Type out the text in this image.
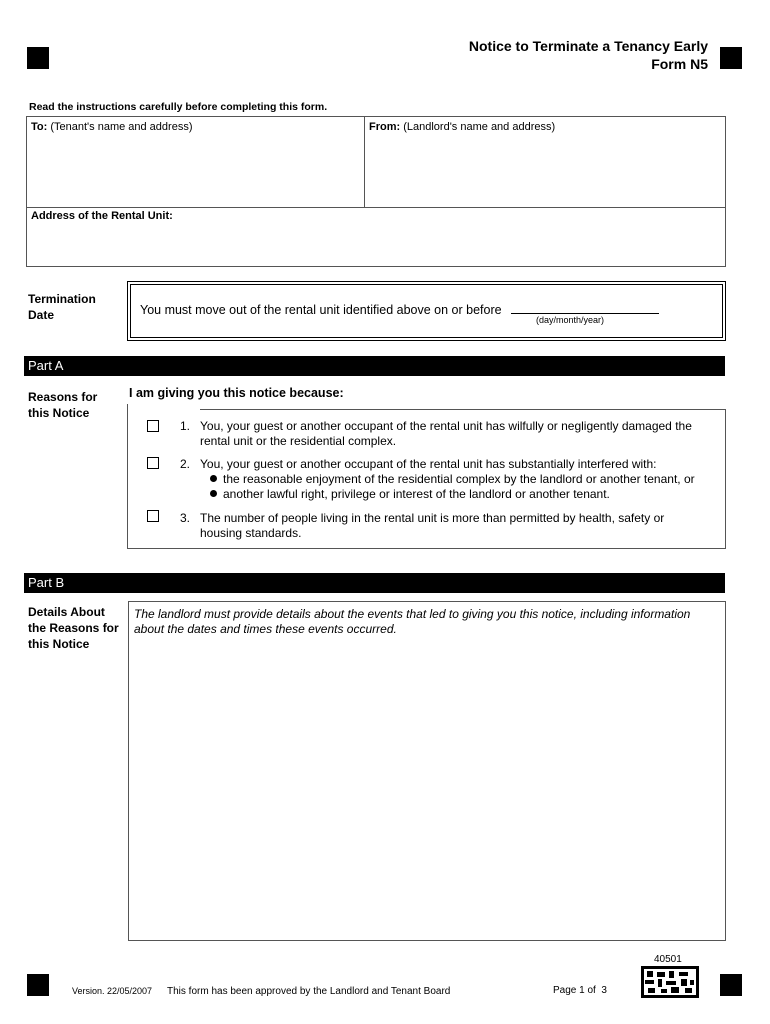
Notice to Terminate a Tenancy Early
Form N5
Read the instructions carefully before completing this form.
To: (Tenant's name and address)	From: (Landlord's name and address)
Address of the Rental Unit:
Termination
Date	You must move out of the rental unit identified above on or before
(day/month/year)
Part A
Reasons for
this Notice
I am giving you this notice because:
1. You, your guest or another occupant of the rental unit has wilfully or negligently damaged the
rental unit or the residential complex.
2. You, your guest or another occupant of the rental unit has substantially interfered with:
the reasonable enjoyment of the residential complex by the landlord or another tenant, or
another lawful right, privilege or interest of the landlord or another tenant.
3. The number of people living in the rental unit is more than permitted by health, safety or
housing standards.
Part B
Details About
the Reasons for
this Notice
The landlord must provide details about the events that led to giving you this notice, including information
about the dates and times these events occurred.
40501
Version. 22/05/2007 This form has been approved by the Landlord and Tenant Board	Page 1 of 3
